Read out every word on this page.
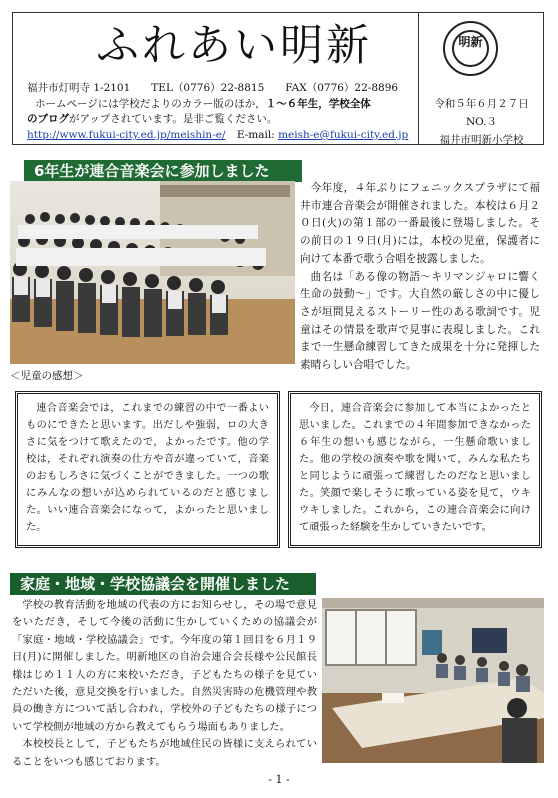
ふれあい明新
福井市灯明寺 1-2101　　TEL（0776）22-8815　　FAX（0776）22-8896
ホームページには学校だよりのカラー版のほか，１～６年生，学校全体
のブログがアップされています。是非ご覧ください。
http://www.fukui-city.ed.jp/meishin-e/ E-mail: meish-e@fukui-city.ed.jp
明新
令和５年６月２７日
NO.３
福井市明新小学校
6年生が連合音楽会に参加しました

今年度，４年ぶりにフェニックスプラザにて福井市連合音楽会が開催されました。本校は６月２０日(火)の第１部の一番最後に登場しました。その前日の１９日(月)には，本校の児童，保護者に向けて本番で歌う合唱を披露しました。

曲名は「ある像の物語～キリマンジャロに響く生命の鼓動～」です。大自然の厳しさの中に優しさが垣間見えるストーリー性のある歌詞です。児童はその情景を歌声で見事に表現しました。これまで一生懸命練習してきた成果を十分に発揮した素晴らしい合唱でした。

＜児童の感想＞

連合音楽会では，これまでの練習の中で一番よいものにできたと思います。出だしや強弱，ロの大きさに気をつけて歌えたので，よかったです。他の学校は，それぞれ演奏の仕方や音が違っていて，音楽のおもしろさに気づくことができました。一つの歌にみんなの想いが込められているのだと感じました。いい連合音楽会になって，よかったと思いました。

今日，連合音楽会に参加して本当によかったと思いました。これまでの４年間参加できなかった６年生の想いも感じながら，一生懸命歌いました。他の学校の演奏や歌を聞いて，みんな私たちと同じように頑張って練習したのだなと思いました。笑顔で楽しそうに歌っている姿を見て，ウキウキしました。これから，この連合音楽会に向けて頑張った経験を生かしていきたいです。

家庭・地域・学校協議会を開催しました

学校の教育活動を地域の代表の方にお知らせし，その場で意見をいただき，そして今後の活動に生かしていくための協議会が「家庭・地域・学校協議会」です。今年度の第１回目を６月１９日(月)に開催しました。明新地区の自治会連合会長様や公民館長様はじめ１１人の方に来校いただき，子どもたちの様子を見ていただいた後，意見交換を行いました。自然災害時の危機管理や教員の働き方について話し合われ，学校外の子どもたちの様子について学校側が地域の方から教えてもらう場面もありました。

本校校長として，子どもたちが地域住民の皆様に支えられていることをいつも感じております。

- 1 -
